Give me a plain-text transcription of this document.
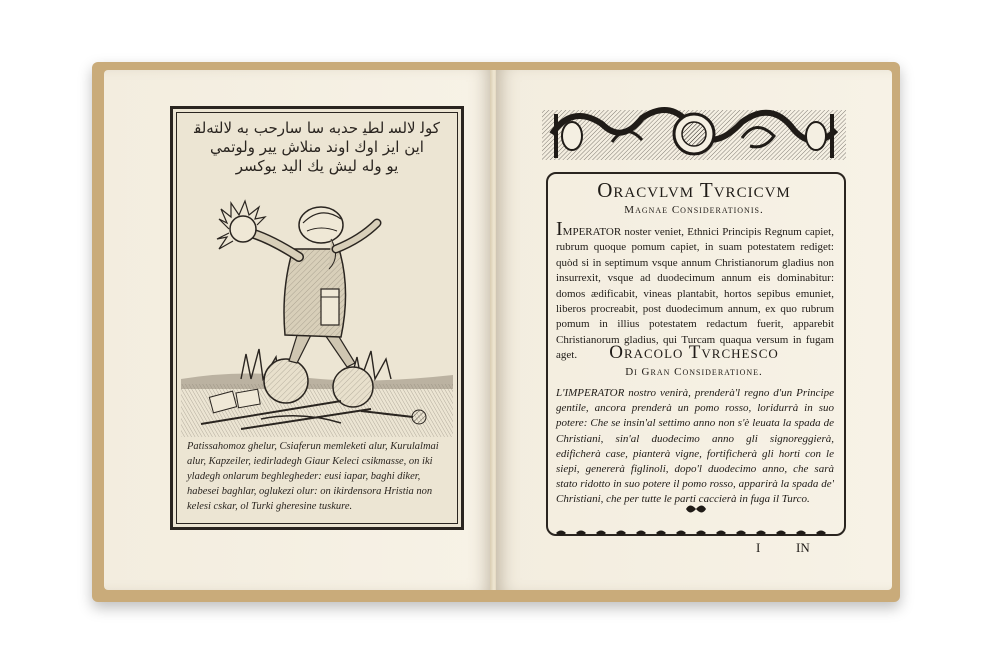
ﻛﻮﻟ ﻟﺎﻟﺴ ﻟﻄﻴ ﺣﺪﺑﻪ ﺳﺎ ﺳﺎﺭﺣﺐ ﺑﻪ ﻟﺎﻟﺘﻪﻟﻘ
ﺍﻳﻦ ﺍﻳﺰ ﺍﻭﻙ ﺍﻭﻧﺪ ﻣﻨﻼﺵ ﻳﻴﺮ ﻭﻟﻮﺗﻤﻲ
ﻳﻮ ﻭﻟﻪ ﻟﻴﺶ ﻳﻚ ﺍﻟﻴﺪ ﻳﻮﻛﺴﺮ
Patissahomoz ghelur, Csiaferun memleketi alur, Kurulalmai alur, Kapzeiler, iedirladegh Giaur Keleci csikmasse, on iki yladegh onlarum beghlegheder: eusi iapar, baghi diker, habesei baghlar, oglukezi olur: on ikirdensora Hristia non kelesi cskar, ol Turki gheresine tuskure.
Oracvlvm Tvrcicvm
Magnae Considerationis.
IMPERATOR noster veniet, Ethnici Principis Regnum capiet, rubrum quoque pomum capiet, in suam potestatem rediget: quòd si in septimum vsque annum Christianorum gladius non insurrexit, vsque ad duodecimum annum eis dominabitur: domos ædificabit, vineas plantabit, hortos sepibus emuniet, liberos procreabit, post duodecimum annum, ex quo rubrum pomum in illius potestatem redactum fuerit, apparebit Christianorum gladius, qui Turcam quaqua versum in fugam aget.	Oracolo Tvrchesco
Di Gran Consideratione.
L'IMPERATOR nostro venirà, prenderà'l regno d'un Principe gentile, ancora prenderà un pomo rosso, loridurrà in suo potere: Che se insin'al settimo anno non s'è leuata la spada de Christiani, sin'al duodecimo anno gli signoreggierà, edificherà case, pianterà vigne, fortificherà gli horti con le siepi, genererà figlinoli, dopo'l duodecimo anno, che sarà stato ridotto in suo potere il pomo rosso, apparirà la spada de' Christiani, che per tutte le parti caccierà in fuga il Turco.
I	IN
